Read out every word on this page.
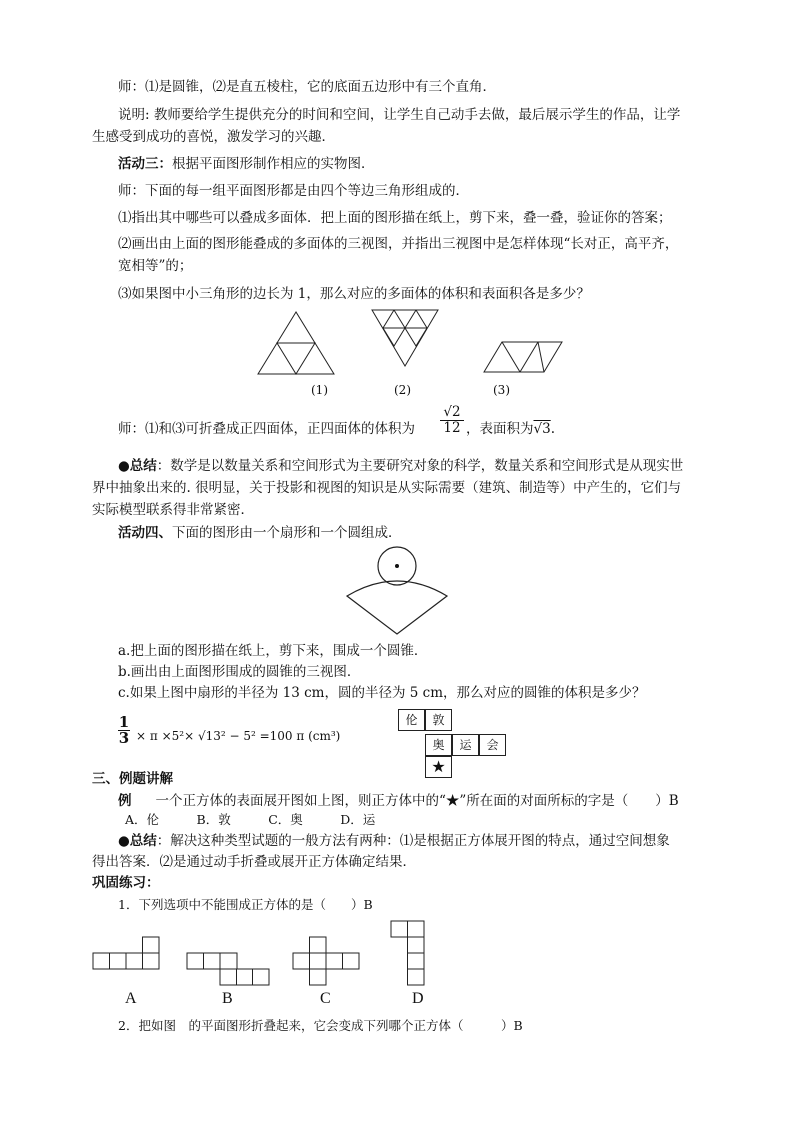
师：⑴是圆锥，⑵是直五棱柱，它的底面五边形中有三个直角．
说明: 教师要给学生提供充分的时间和空间，让学生自己动手去做，最后展示学生的作品，让学
生感受到成功的喜悦，激发学习的兴趣．
活动三：根据平面图形制作相应的实物图．
师：下面的每一组平面图形都是由四个等边三角形组成的．
⑴指出其中哪些可以叠成多面体．把上面的图形描在纸上，剪下来，叠一叠，验证你的答案；
⑵画出由上面的图形能叠成的多面体的三视图，并指出三视图中是怎样体现“长对正，高平齐，
宽相等”的；
⑶如果图中小三角形的边长为 1，那么对应的多面体的体积和表面积各是多少？
(1)	(2)	(3)
师：⑴和⑶可折叠成正四面体，正四面体的体积为 $\frac{√2}{12}$ ，表面积为√3.
●总结：数学是以数量关系和空间形式为主要研究对象的科学，数量关系和空间形式是从现实世
界中抽象出来的. 很明显，关于投影和视图的知识是从实际需要（建筑、制造等）中产生的，它们与
实际模型联系得非常紧密．
活动四、下面的图形由一个扇形和一个圆组成．
a.把上面的图形描在纸上，剪下来，围成一个圆锥．
b.画出由上面图形围成的圆锥的三视图．
c.如果上图中扇形的半径为 13 cm，圆的半径为 5 cm，那么对应的圆锥的体积是多少？
$\frac{1}{3} \times \pi \times 5^2\times √13^2 - 5^2 =100$ π (cm³)
伦	敦
奥	运	会
★
三、例题讲解
例 一个正方体的表面展开图如上图，则正方体中的“★”所在面的对面所标的字是（　　）B
A．伦　　　B．敦　　　C．奥　　　D．运
●总结：解决这种类型试题的一般方法有两种：⑴是根据正方体展开图的特点，通过空间想象
得出答案．⑵是通过动手折叠或展开正方体确定结果．
巩固练习：
1．下列选项中不能围成正方体的是（　　）B
A	B	C	D
2．把如图　的平面图形折叠起来，它会变成下列哪个正方体（　　　）B
